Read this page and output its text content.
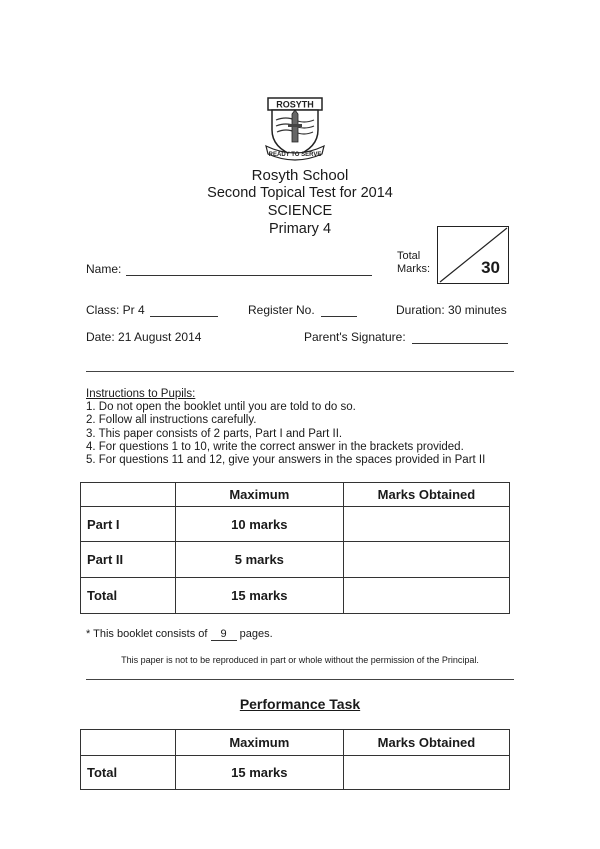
ROSYTH
READY TO SERVE
Rosyth School
Second Topical Test for 2014
SCIENCE
Primary 4
Name:
Total
Marks:	30
Class: Pr 4	Register No.	Duration: 30 minutes
Date: 21 August 2014	Parent's Signature:
Instructions to Pupils:
1. Do not open the booklet until you are told to do so.
2. Follow all instructions carefully.
3. This paper consists of 2 parts, Part I and Part II.
4. For questions 1 to 10, write the correct answer in the brackets provided.
5. For questions 11 and 12, give your answers in the spaces provided in Part II
	Maximum	Marks Obtained
Part I	10 marks	
Part II	5 marks	
Total	15 marks	
* This booklet consists of 9 pages.
This paper is not to be reproduced in part or whole without the permission of the Principal.
Performance Task
	Maximum	Marks Obtained
Total	15 marks	
